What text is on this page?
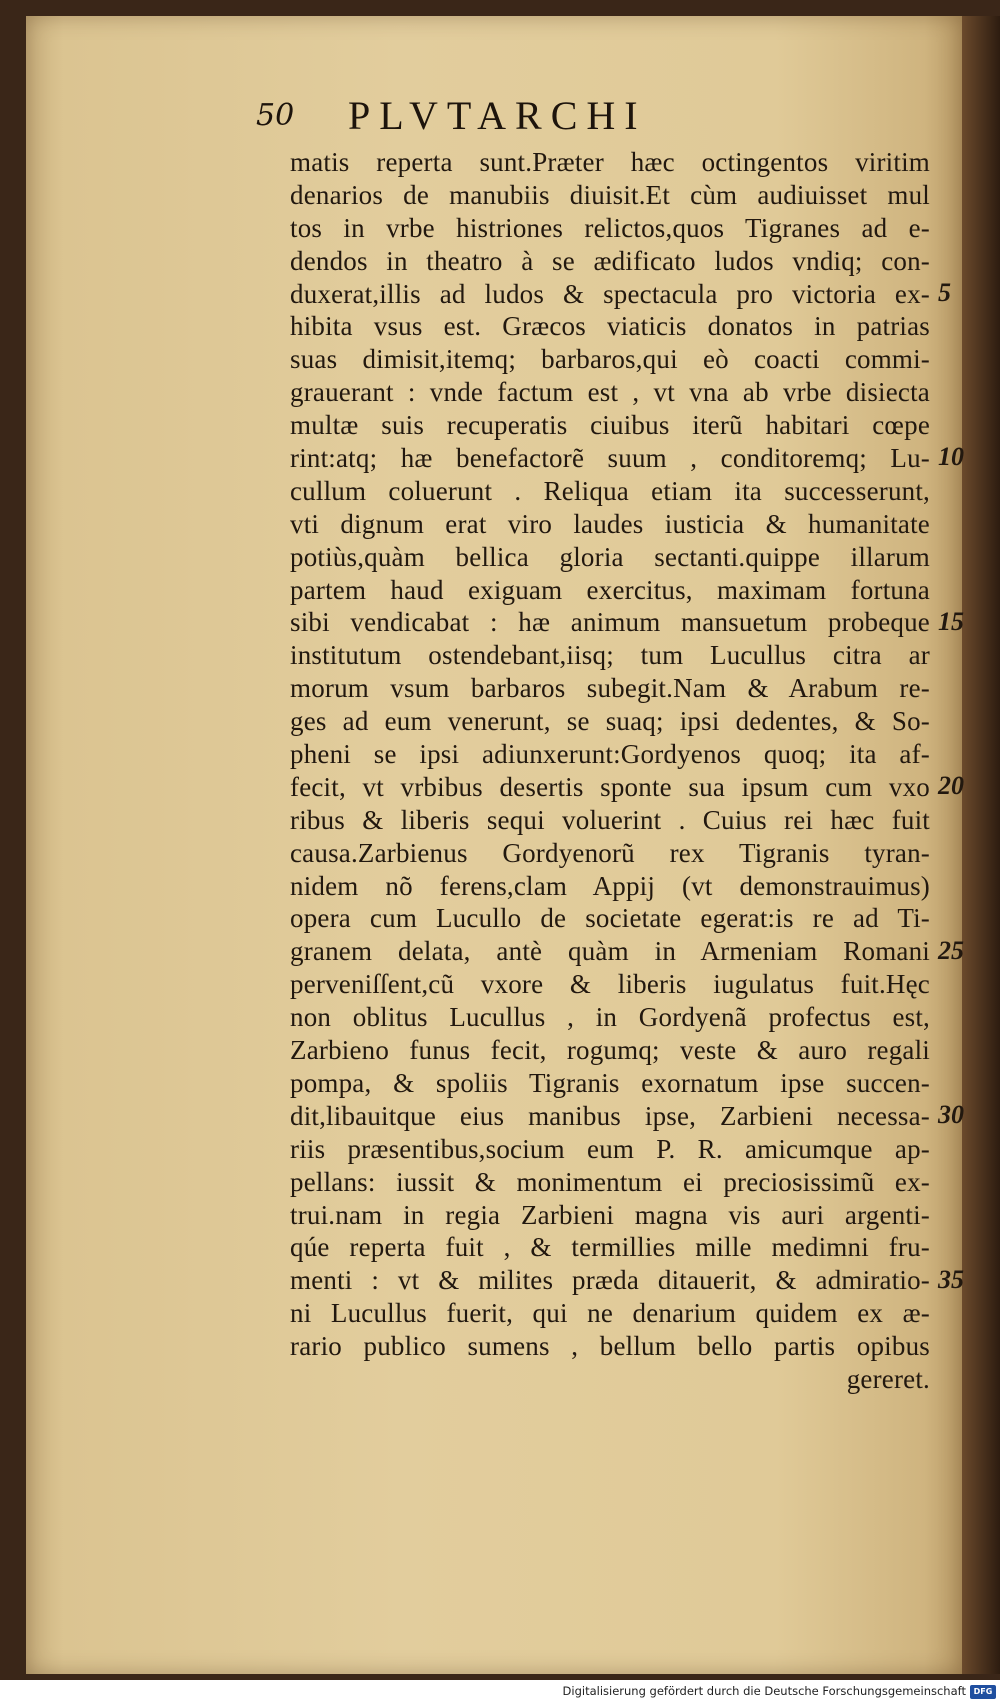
50 PLVTARCHI
matis reperta sunt.Præter hæc octingentos viritim
denarios de manubiis diuisit.Et cùm audiuisset mul
tos in vrbe histriones relictos,quos Tigranes ad e-
dendos in theatro à se ædificato ludos vndiq; con-
duxerat,illis ad ludos & spectacula pro victoria ex-
hibita vsus est. Græcos viaticis donatos in patrias
suas dimisit,itemq; barbaros,qui eò coacti commi-
grauerant : vnde factum est , vt vna ab vrbe disiecta
multæ suis recuperatis ciuibus iterũ habitari cœpe
rint:atq; hæ benefactorẽ suum , conditoremq; Lu-
cullum coluerunt . Reliqua etiam ita successerunt,
vti dignum erat viro laudes iusticia & humanitate
potiùs,quàm bellica gloria sectanti.quippe illarum
partem haud exiguam exercitus, maximam fortuna
sibi vendicabat : hæ animum mansuetum probeque
institutum ostendebant,iisq; tum Lucullus citra ar
morum vsum barbaros subegit.Nam & Arabum re-
ges ad eum venerunt, se suaq; ipsi dedentes, & So-
pheni se ipsi adiunxerunt:Gordyenos quoq; ita af-
fecit, vt vrbibus desertis sponte sua ipsum cum vxo
ribus & liberis sequi voluerint . Cuius rei hæc fuit
causa.Zarbienus Gordyenorũ rex Tigranis tyran-
nidem nõ ferens,clam Appij (vt demonstrauimus)
opera cum Lucullo de societate egerat:is re ad Ti-
granem delata, antè quàm in Armeniam Romani
perveniſſent,cũ vxore & liberis iugulatus fuit.Hęc
non oblitus Lucullus , in Gordyenã profectus est,
Zarbieno funus fecit, rogumq; veste & auro regali
pompa, & spoliis Tigranis exornatum ipse succen-
dit,libauitque eius manibus ipse, Zarbieni necessa-
riis præsentibus,socium eum P. R. amicumque ap-
pellans: iussit & monimentum ei preciosissimũ ex-
trui.nam in regia Zarbieni magna vis auri argenti-
qúe reperta fuit , & termillies mille medimni fru-
menti : vt & milites præda ditauerit, & admiratio-
ni Lucullus fuerit, qui ne denarium quidem ex æ-
rario publico sumens , bellum bello partis opibus
gereret.
5
10
15
20
25
30
35
Digitalisierung gefördert durch die Deutsche Forschungsgemeinschaft DFG
